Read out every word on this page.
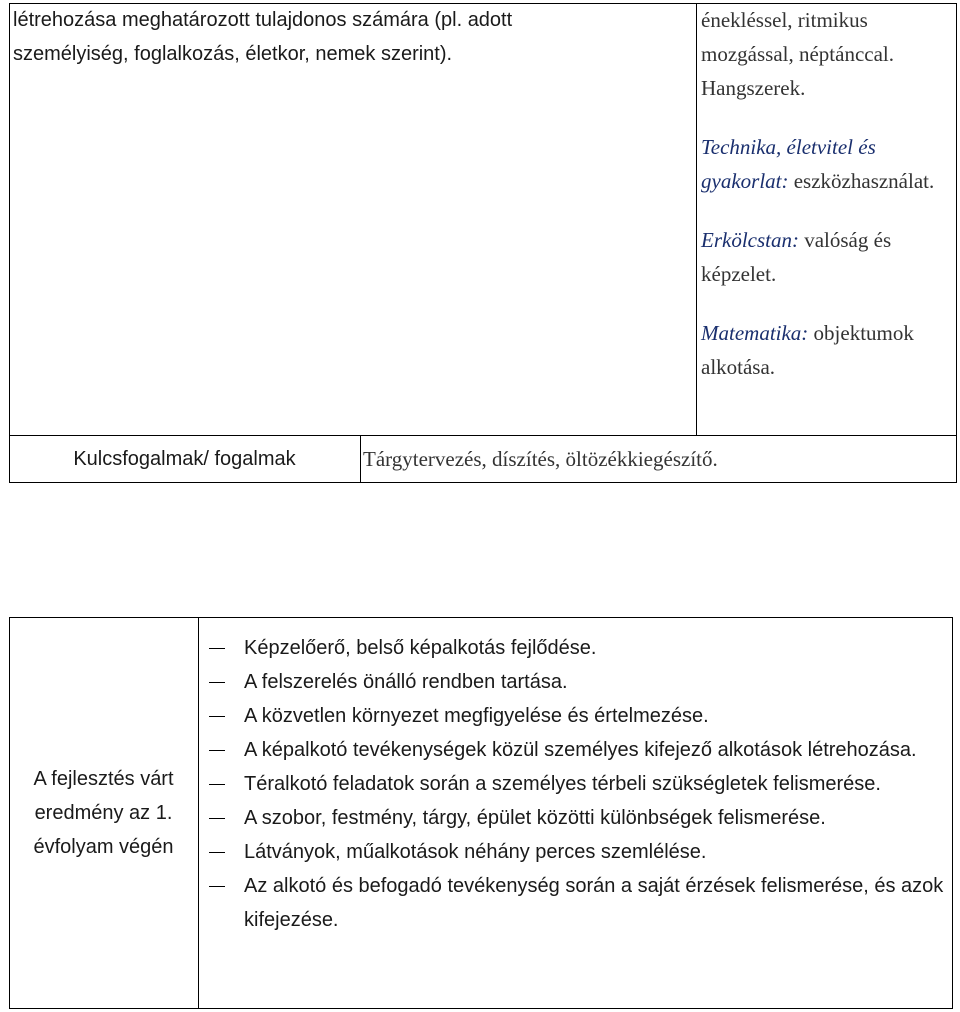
létrehozása meghatározott tulajdonos számára (pl. adott személyiség, foglalkozás, életkor, nemek szerint).
énekléssel, ritmikus mozgással, néptánccal. Hangszerek.
Technika, életvitel és gyakorlat: eszközhasználat.
Erkölcstan: valóság és képzelet.
Matematika: objektumok alkotása.
Kulcsfogalmak/ fogalmak	Tárgytervezés, díszítés, öltözékkiegészítő.
A fejlesztés várt eredmény az 1. évfolyam végén
Képzelőerő, belső képalkotás fejlődése.
A felszerelés önálló rendben tartása.
A közvetlen környezet megfigyelése és értelmezése.
A képalkotó tevékenységek közül személyes kifejező alkotások létrehozása.
Téralkotó feladatok során a személyes térbeli szükségletek felismerése.
A szobor, festmény, tárgy, épület közötti különbségek felismerése.
Látványok, műalkotások néhány perces szemlélése.
Az alkotó és befogadó tevékenység során a saját érzések felismerése, és azok kifejezése.
